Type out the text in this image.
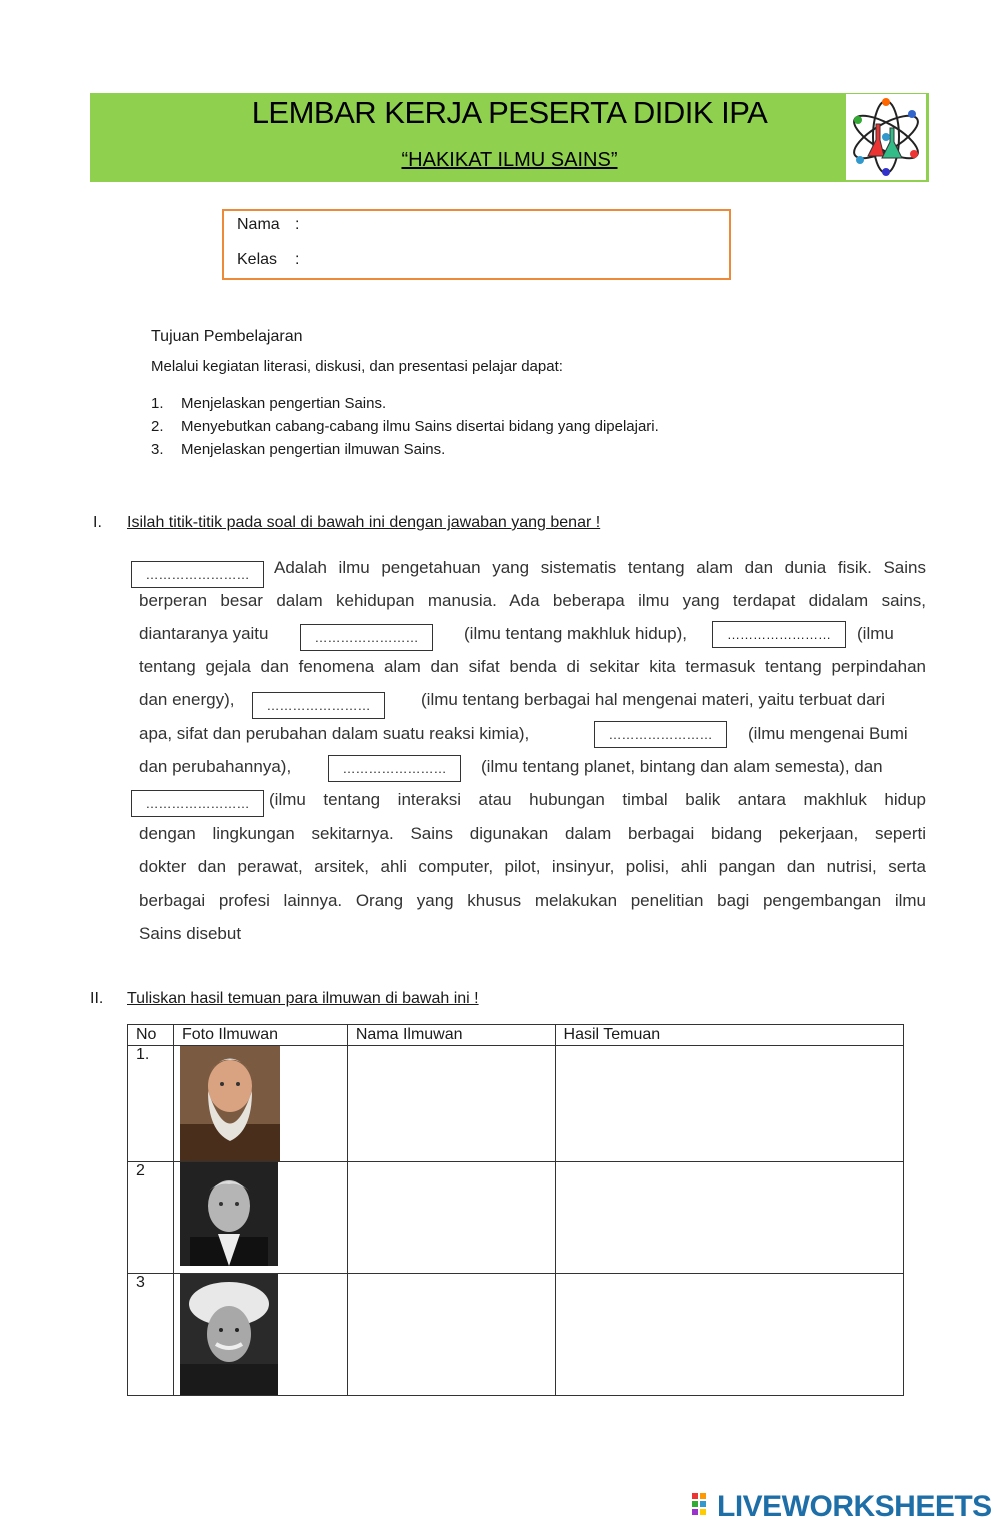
LEMBAR KERJA PESERTA DIDIK IPA
“HAKIKAT ILMU SAINS”
Nama :
Kelas :
Tujuan Pembelajaran
Melalui kegiatan literasi, diskusi, dan presentasi pelajar dapat:
1. Menjelaskan pengertian Sains.
2. Menyebutkan cabang-cabang ilmu Sains disertai bidang yang dipelajari.
3. Menjelaskan pengertian ilmuwan Sains.
I. Isilah titik-titik pada soal di bawah ini dengan jawaban yang benar !
……………………	Adalah ilmu pengetahuan yang sistematis tentang alam dan dunia fisik. Sains
berperan besar dalam kehidupan manusia. Ada beberapa ilmu yang terdapat didalam sains,
diantaranya yaitu	……………………	(ilmu tentang makhluk hidup),	……………………	(ilmu
tentang gejala dan fenomena alam dan sifat benda di sekitar kita termasuk tentang perpindahan
dan energy),	……………………	(ilmu tentang berbagai hal mengenai materi, yaitu terbuat dari
apa, sifat dan perubahan dalam suatu reaksi kimia),	……………………	(ilmu mengenai Bumi
dan perubahannya),	……………………	(ilmu tentang planet, bintang dan alam semesta), dan
……………………	(ilmu tentang interaksi atau hubungan timbal balik antara makhluk hidup
dengan lingkungan sekitarnya. Sains digunakan dalam berbagai bidang pekerjaan, seperti
dokter dan perawat, arsitek, ahli computer, pilot, insinyur, polisi, ahli pangan dan nutrisi, serta
berbagai profesi lainnya. Orang yang khusus melakukan penelitian bagi pengembangan ilmu
Sains disebut
II. Tuliskan hasil temuan para ilmuwan di bawah ini !
No	Foto Ilmuwan	Nama Ilmuwan	Hasil Temuan
1.	

2	

3	

LIVEWORKSHEETS
